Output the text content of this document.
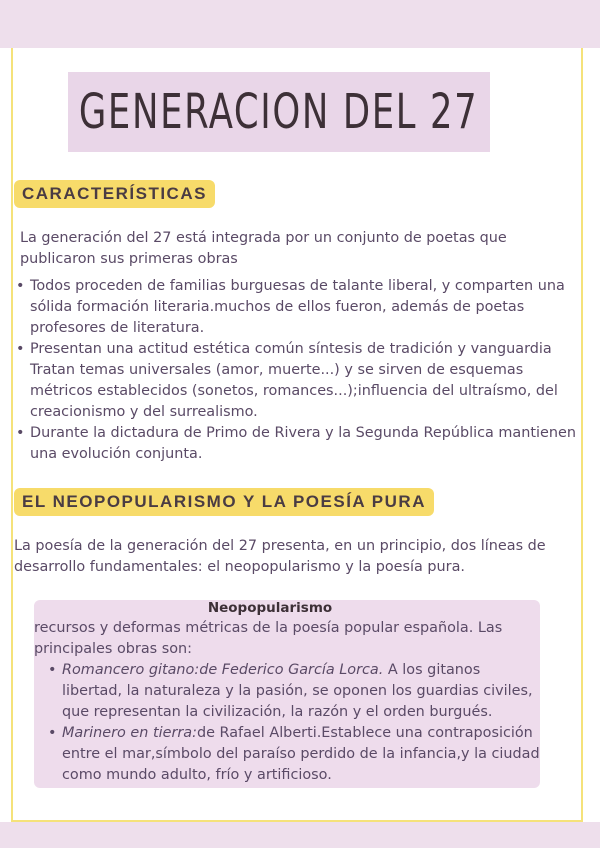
GENERACION DEL 27
CARACTERÍSTICAS
La generación del 27 está integrada por un conjunto de poetas que publicaron sus primeras obras
• Todos proceden de familias burguesas de talante liberal, y comparten una sólida formación literaria.muchos de ellos fueron, además de poetas profesores de literatura.
• Presentan una actitud estética común síntesis de tradición y vanguardia Tratan temas universales (amor, muerte...) y se sirven de esquemas métricos establecidos (sonetos, romances...);influencia del ultraísmo, del creacionismo y del surrealismo.
• Durante la dictadura de Primo de Rivera y la Segunda República mantienen una evolución conjunta.
EL NEOPOPULARISMO Y LA POESÍA PURA
La poesía de la generación del 27 presenta, en un principio, dos líneas de desarrollo fundamentales: el neopopularismo y la poesía pura.
Neopopularismo
recursos y deformas métricas de la poesía popular española. Las principales obras son:
• Romancero gitano:de Federico García Lorca. A los gitanos libertad, la naturaleza y la pasión, se oponen los guardias civiles, que representan la civilización, la razón y el orden burgués.
• Marinero en tierra:de Rafael Alberti.Establece una contraposición entre el mar,símbolo del paraíso perdido de la infancia,y la ciudad como mundo adulto, frío y artificioso.
